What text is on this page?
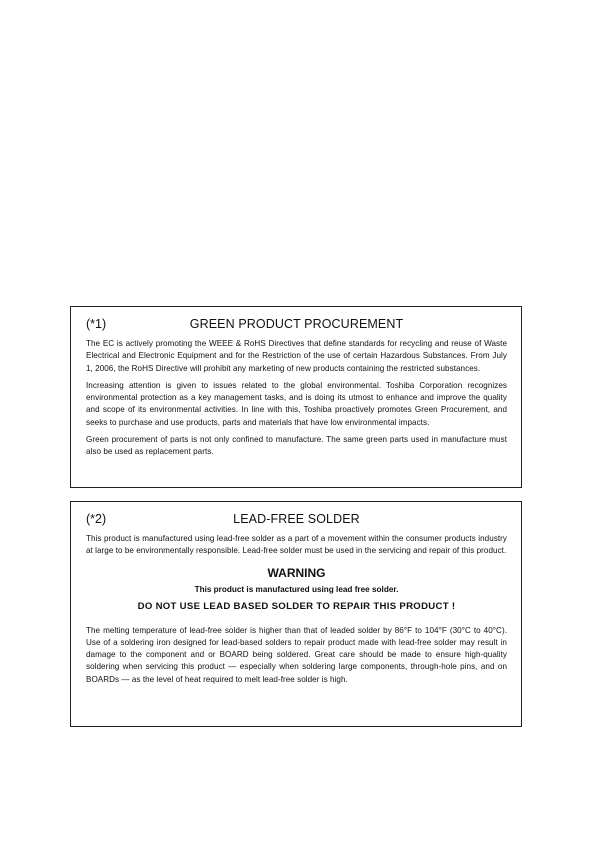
(*1)	GREEN PRODUCT PROCUREMENT

The EC is actively promoting the WEEE & RoHS Directives that define standards for recycling and reuse of Waste Electrical and Electronic Equipment and for the Restriction of the use of certain Hazardous Substances. From July 1, 2006, the RoHS Directive will prohibit any marketing of new products containing the restricted substances.

Increasing attention is given to issues related to the global environmental. Toshiba Corporation recognizes environmental protection as a key management tasks, and is doing its utmost to enhance and improve the quality and scope of its environmental activities. In line with this, Toshiba proactively promotes Green Procurement, and seeks to purchase and use products, parts and materials that have low environmental impacts.

Green procurement of parts is not only confined to manufacture. The same green parts used in manufacture must also be used as replacement parts.

(*2)	LEAD-FREE SOLDER

This product is manufactured using lead-free solder as a part of a movement within the consumer products industry at large to be environmentally responsible. Lead-free solder must be used in the servicing and repair of this product.

WARNING
This product is manufactured using lead free solder.
DO NOT USE LEAD BASED SOLDER TO REPAIR THIS PRODUCT !

The melting temperature of lead-free solder is higher than that of leaded solder by 86°F to 104°F (30°C to 40°C). Use of a soldering iron designed for lead-based solders to repair product made with lead-free solder may result in damage to the component and or BOARD being soldered. Great care should be made to ensure high-quality soldering when servicing this product — especially when soldering large components, through-hole pins, and on BOARDs — as the level of heat required to melt lead-free solder is high.
